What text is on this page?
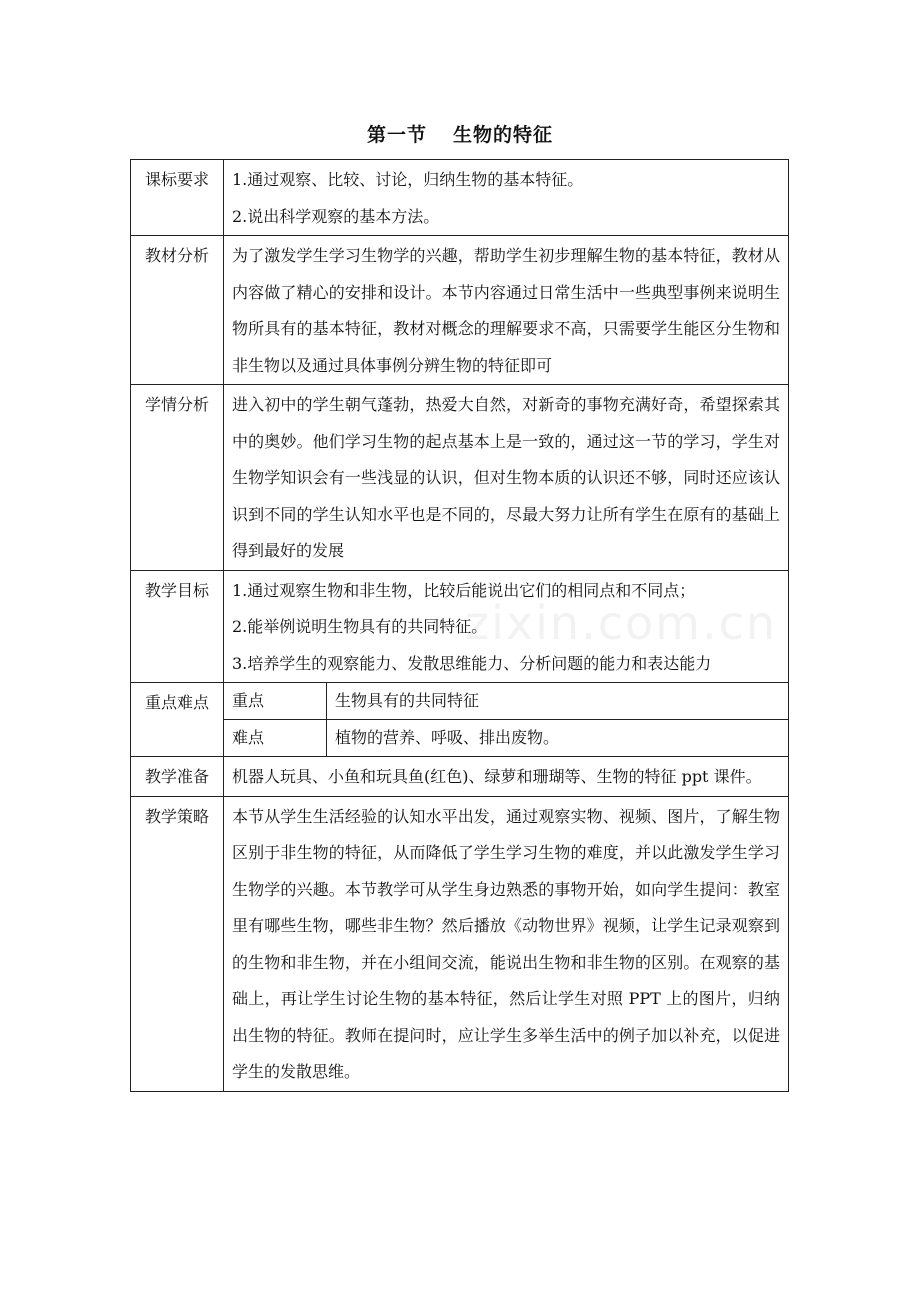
第一节 生物的特征
课标要求	1.通过观察、比较、讨论，归纳生物的基本特征。

2.说出科学观察的基本方法。

教材分析	为了激发学生学习生物学的兴趣，帮助学生初步理解生物的基本特征，教材从内容做了精心的安排和设计。本节内容通过日常生活中一些典型事例来说明生物所具有的基本特征，教材对概念的理解要求不高，只需要学生能区分生物和非生物以及通过具体事例分辨生物的特征即可
学情分析	进入初中的学生朝气蓬勃，热爱大自然，对新奇的事物充满好奇，希望探索其中的奥妙。他们学习生物的起点基本上是一致的，通过这一节的学习，学生对生物学知识会有一些浅显的认识，但对生物本质的认识还不够，同时还应该认识到不同的学生认知水平也是不同的，尽最大努力让所有学生在原有的基础上得到最好的发展
教学目标	1.通过观察生物和非生物，比较后能说出它们的相同点和不同点；

2.能举例说明生物具有的共同特征。

3.培养学生的观察能力、发散思维能力、分析问题的能力和表达能力

重点难点	重点	生物具有的共同特征
难点	植物的营养、呼吸、排出废物。

教学准备	机器人玩具、小鱼和玩具鱼(红色)、绿萝和珊瑚等、生物的特征 ppt 课件。
教学策略	本节从学生生活经验的认知水平出发，通过观察实物、视频、图片，了解生物区别于非生物的特征，从而降低了学生学习生物的难度，并以此激发学生学习生物学的兴趣。本节教学可从学生身边熟悉的事物开始，如向学生提问：教室里有哪些生物，哪些非生物？然后播放《动物世界》视频，让学生记录观察到的生物和非生物，并在小组间交流，能说出生物和非生物的区别。在观察的基础上，再让学生讨论生物的基本特征，然后让学生对照 PPT 上的图片，归纳出生物的特征。教师在提问时，应让学生多举生活中的例子加以补充，以促进学生的发散思维。
zixin.com.cn
